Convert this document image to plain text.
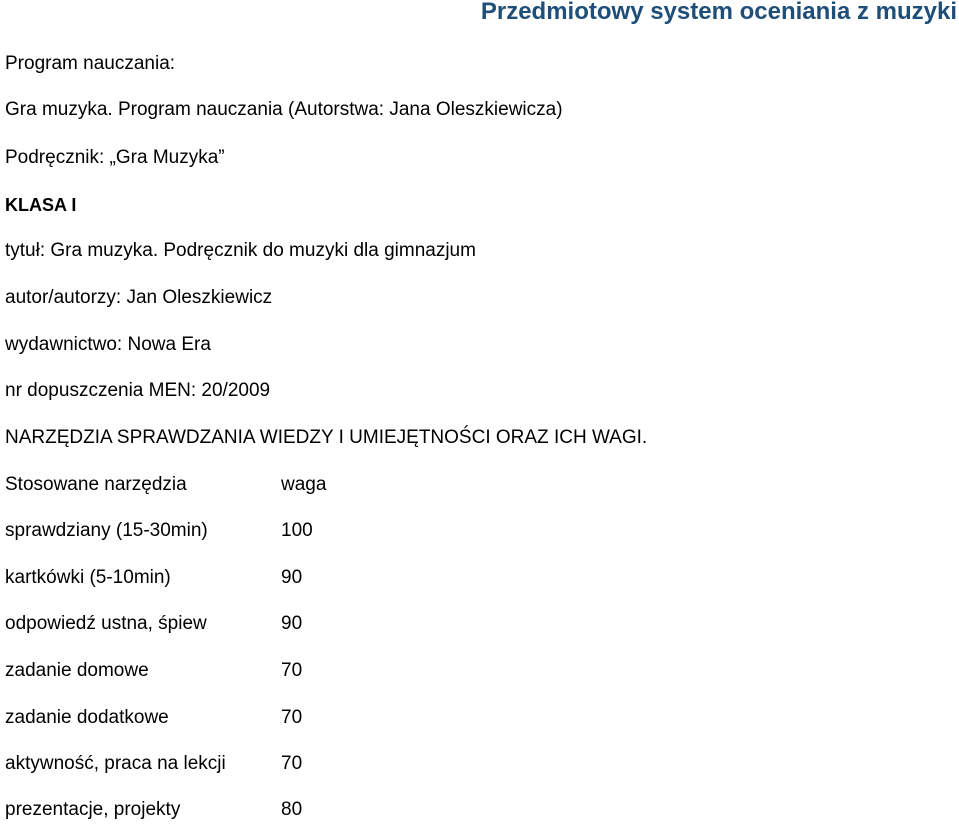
Przedmiotowy system oceniania z muzyki
Program nauczania:
Gra muzyka. Program nauczania (Autorstwa: Jana Oleszkiewicza)
Podręcznik: „Gra Muzyka”
KLASA I
tytuł: Gra muzyka. Podręcznik do muzyki dla gimnazjum
autor/autorzy: Jan Oleszkiewicz
wydawnictwo: Nowa Era
nr dopuszczenia MEN: 20/2009
NARZĘDZIA SPRAWDZANIA WIEDZY I UMIEJĘTNOŚCI ORAZ ICH WAGI.
Stosowane narzędzia	waga
sprawdziany (15-30min)	100
kartkówki (5-10min)	90
odpowiedź ustna, śpiew	90
zadanie domowe	70
zadanie dodatkowe	70
aktywność, praca na lekcji	70
prezentacje, projekty	80
